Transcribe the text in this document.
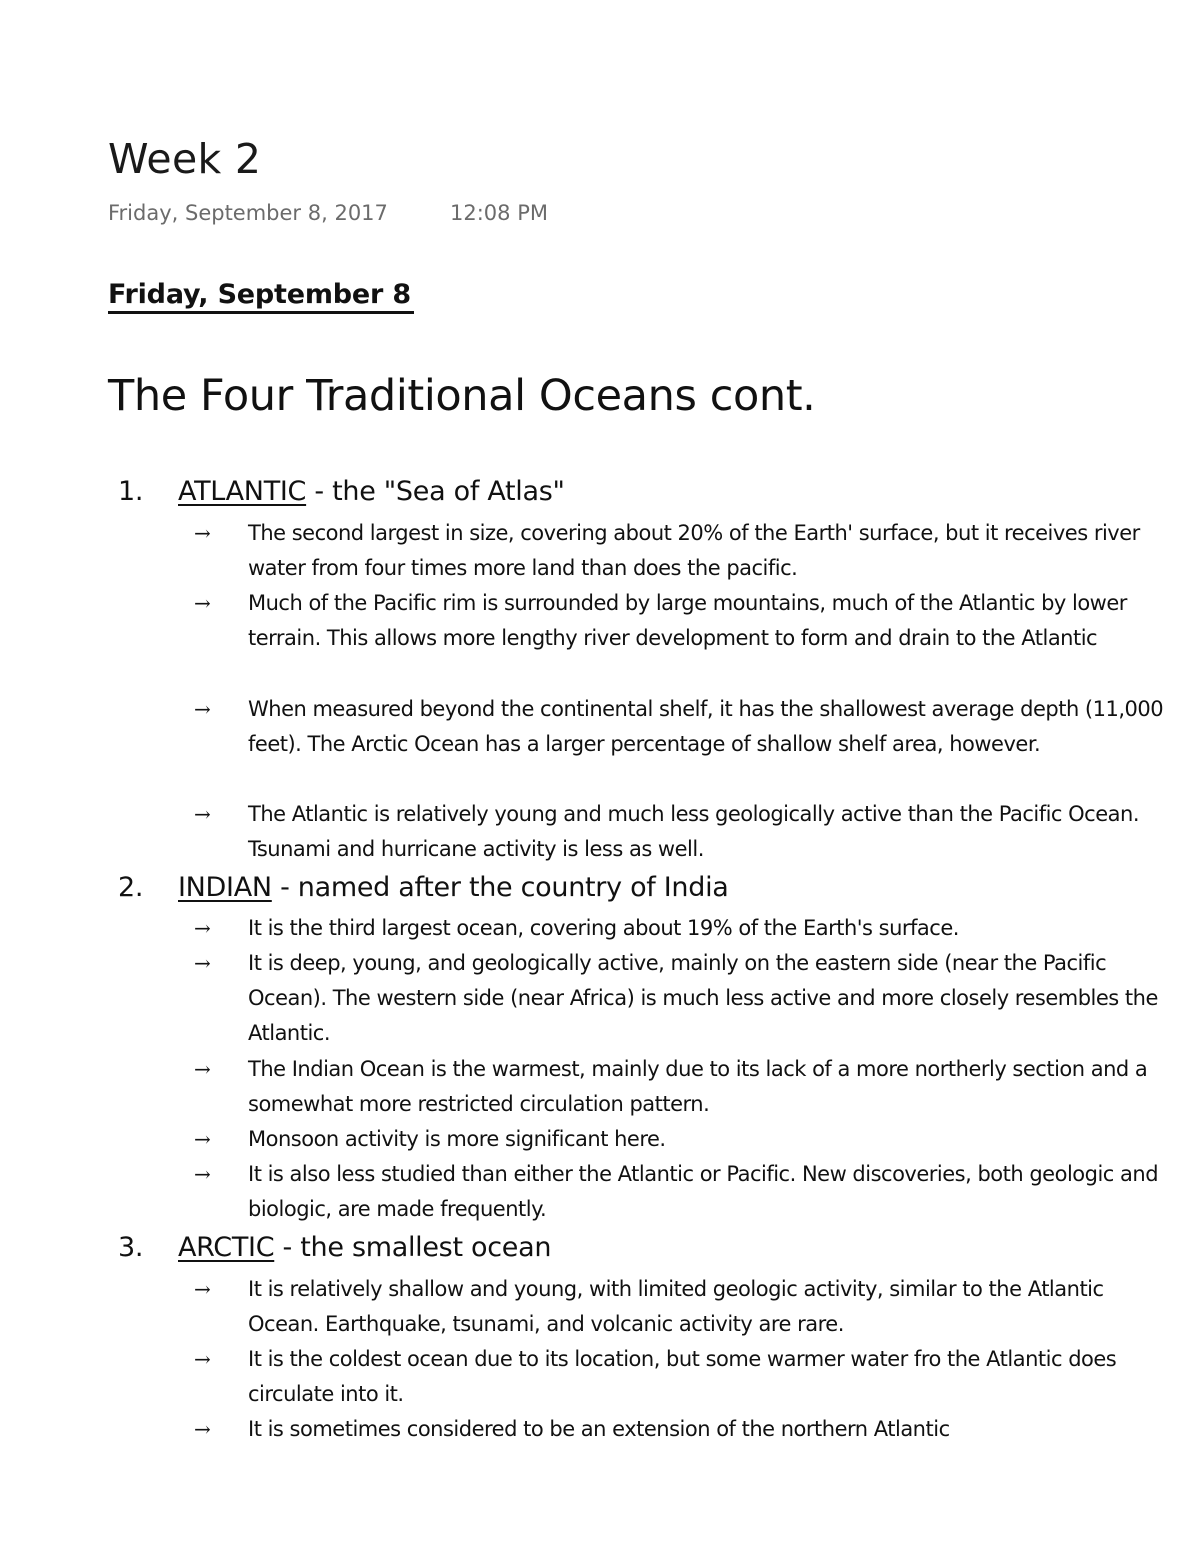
Week 2
Friday, September 8, 2017	12:08 PM
Friday, September 8
The Four Traditional Oceans cont.
1. ATLANTIC - the "Sea of Atlas"
→ The second largest in size, covering about 20% of the Earth' surface, but it receives river water from four times more land than does the pacific.
→ Much of the Pacific rim is surrounded by large mountains, much of the Atlantic by lower terrain. This allows more lengthy river development to form and drain to the Atlantic
→ When measured beyond the continental shelf, it has the shallowest average depth (11,000 feet). The Arctic Ocean has a larger percentage of shallow shelf area, however.
→ The Atlantic is relatively young and much less geologically active than the Pacific Ocean. Tsunami and hurricane activity is less as well.
2. INDIAN - named after the country of India
→ It is the third largest ocean, covering about 19% of the Earth's surface.
→ It is deep, young, and geologically active, mainly on the eastern side (near the Pacific Ocean). The western side (near Africa) is much less active and more closely resembles the Atlantic.
→ The Indian Ocean is the warmest, mainly due to its lack of a more northerly section and a somewhat more restricted circulation pattern.
→ Monsoon activity is more significant here.
→ It is also less studied than either the Atlantic or Pacific. New discoveries, both geologic and biologic, are made frequently.
3. ARCTIC - the smallest ocean
→ It is relatively shallow and young, with limited geologic activity, similar to the Atlantic Ocean. Earthquake, tsunami, and volcanic activity are rare.
→ It is the coldest ocean due to its location, but some warmer water fro the Atlantic does circulate into it.
→ It is sometimes considered to be an extension of the northern Atlantic
